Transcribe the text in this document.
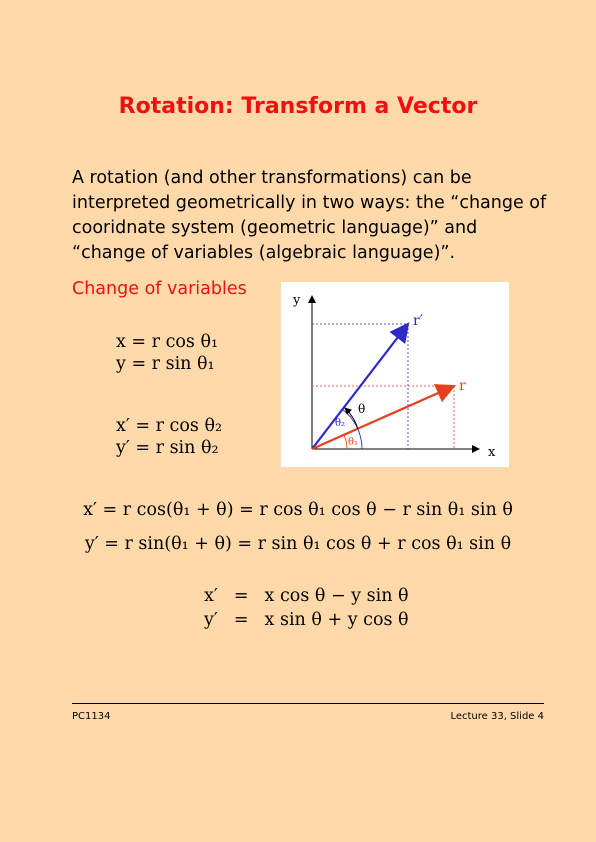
Rotation: Transform a Vector
A rotation (and other transformations) can be interpreted geometrically in two ways: the “change of cooridnate system (geometric language)” and “change of variables (algebraic language)”.
Change of variables
x = r cos θ₁
y = r sin θ₁
x′ = r cos θ₂
y′ = r sin θ₂
y
x
r′
r
θ
θ₂
θ₁
x′ = r cos(θ₁ + θ) = r cos θ₁ cos θ − r sin θ₁ sin θ
y′ = r sin(θ₁ + θ) = r sin θ₁ cos θ + r cos θ₁ sin θ
x′	=	x cos θ − y sin θ
y′	=	x sin θ + y cos θ
PC1134	Lecture 33, Slide 4
